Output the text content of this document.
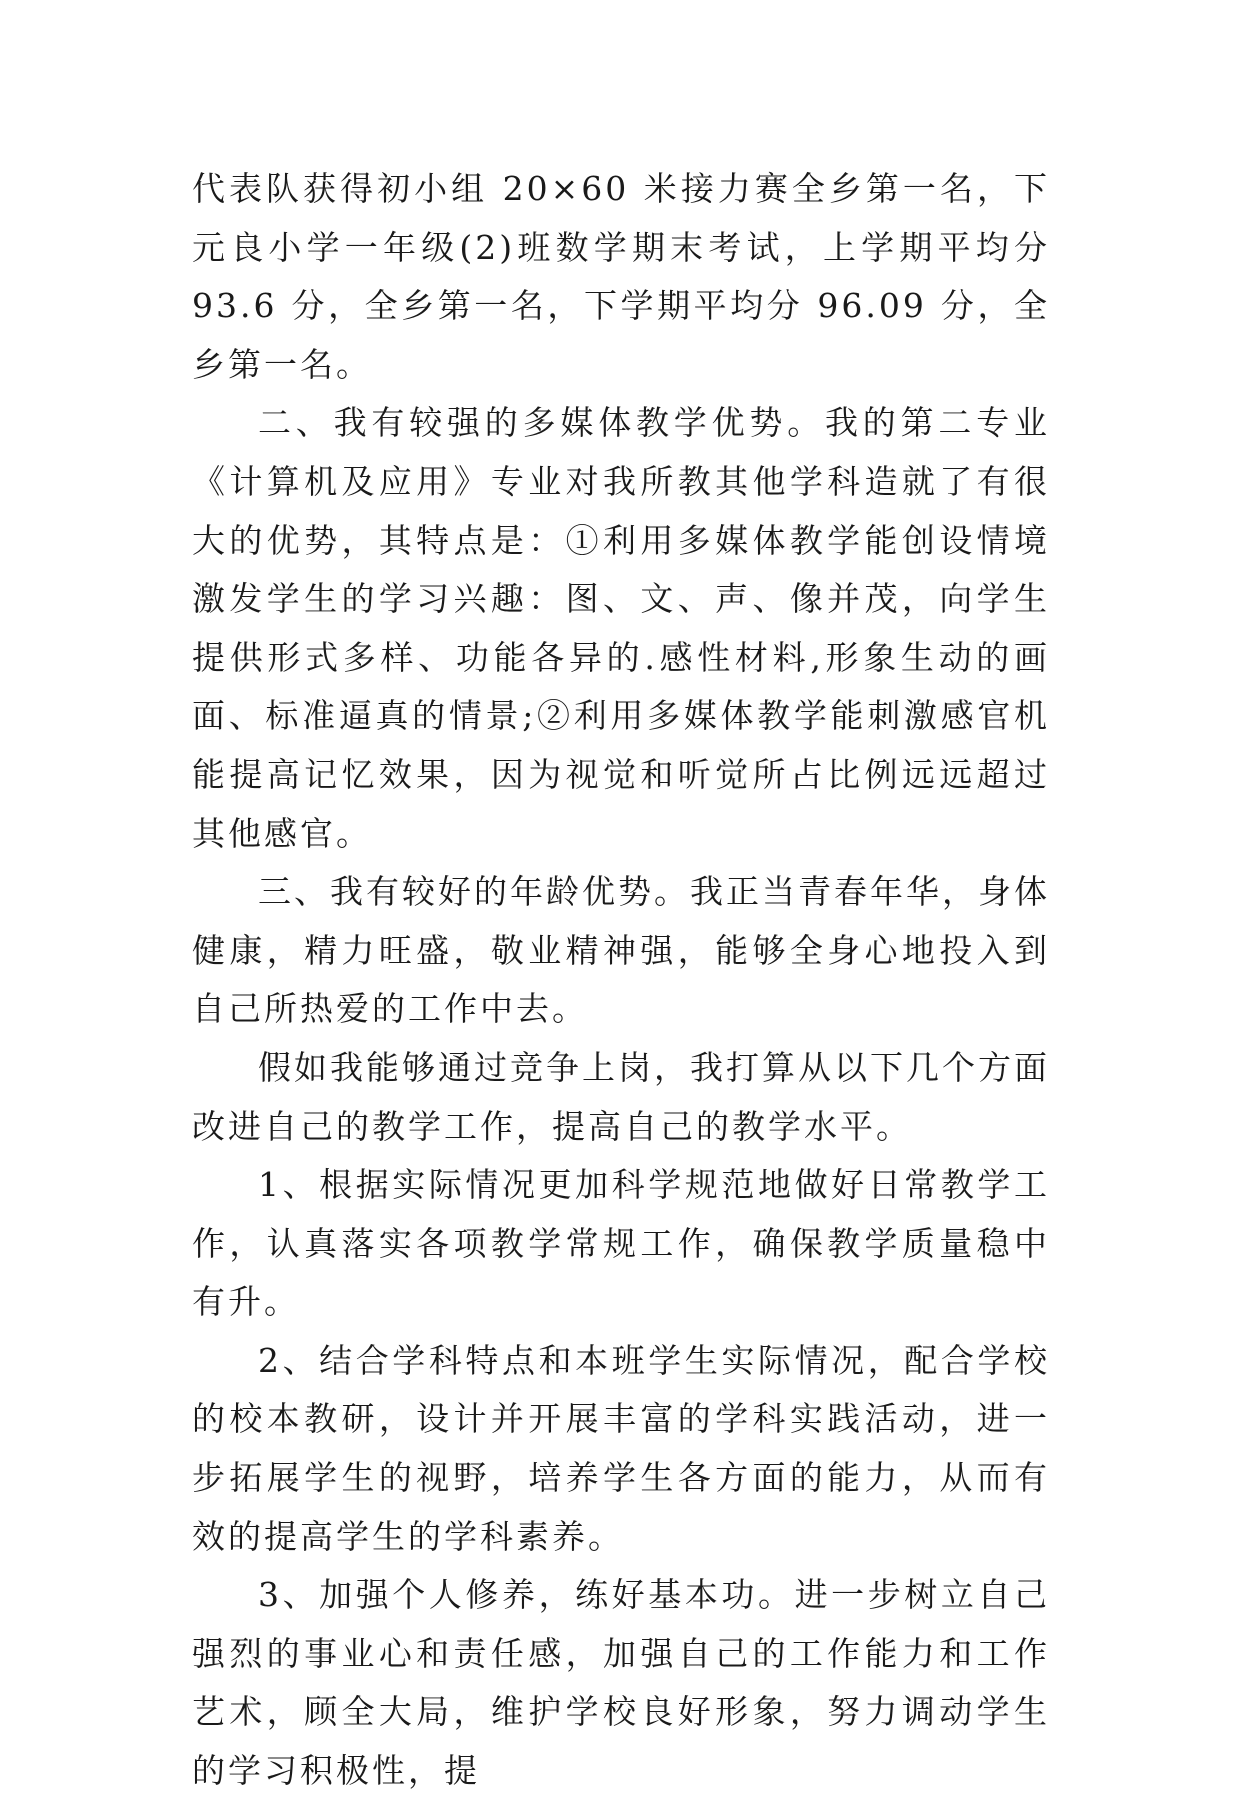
代表队获得初小组 20×60 米接力赛全乡第一名，下元良小学一年级(2)班数学期末考试，上学期平均分 93.6 分，全乡第一名，下学期平均分 96.09 分，全乡第一名。

二、我有较强的多媒体教学优势。我的第二专业《计算机及应用》专业对我所教其他学科造就了有很大的优势，其特点是：①利用多媒体教学能创设情境激发学生的学习兴趣：图、文、声、像并茂，向学生提供形式多样、功能各异的.感性材料,形象生动的画面、标准逼真的情景;②利用多媒体教学能刺激感官机能提高记忆效果，因为视觉和听觉所占比例远远超过其他感官。

三、我有较好的年龄优势。我正当青春年华，身体健康，精力旺盛，敬业精神强，能够全身心地投入到自己所热爱的工作中去。

假如我能够通过竞争上岗，我打算从以下几个方面改进自己的教学工作，提高自己的教学水平。

1、根据实际情况更加科学规范地做好日常教学工作，认真落实各项教学常规工作，确保教学质量稳中有升。

2、结合学科特点和本班学生实际情况，配合学校的校本教研，设计并开展丰富的学科实践活动，进一步拓展学生的视野，培养学生各方面的能力，从而有效的提高学生的学科素养。

3、加强个人修养，练好基本功。进一步树立自己强烈的事业心和责任感，加强自己的工作能力和工作艺术，顾全大局，维护学校良好形象，努力调动学生的学习积极性，提
